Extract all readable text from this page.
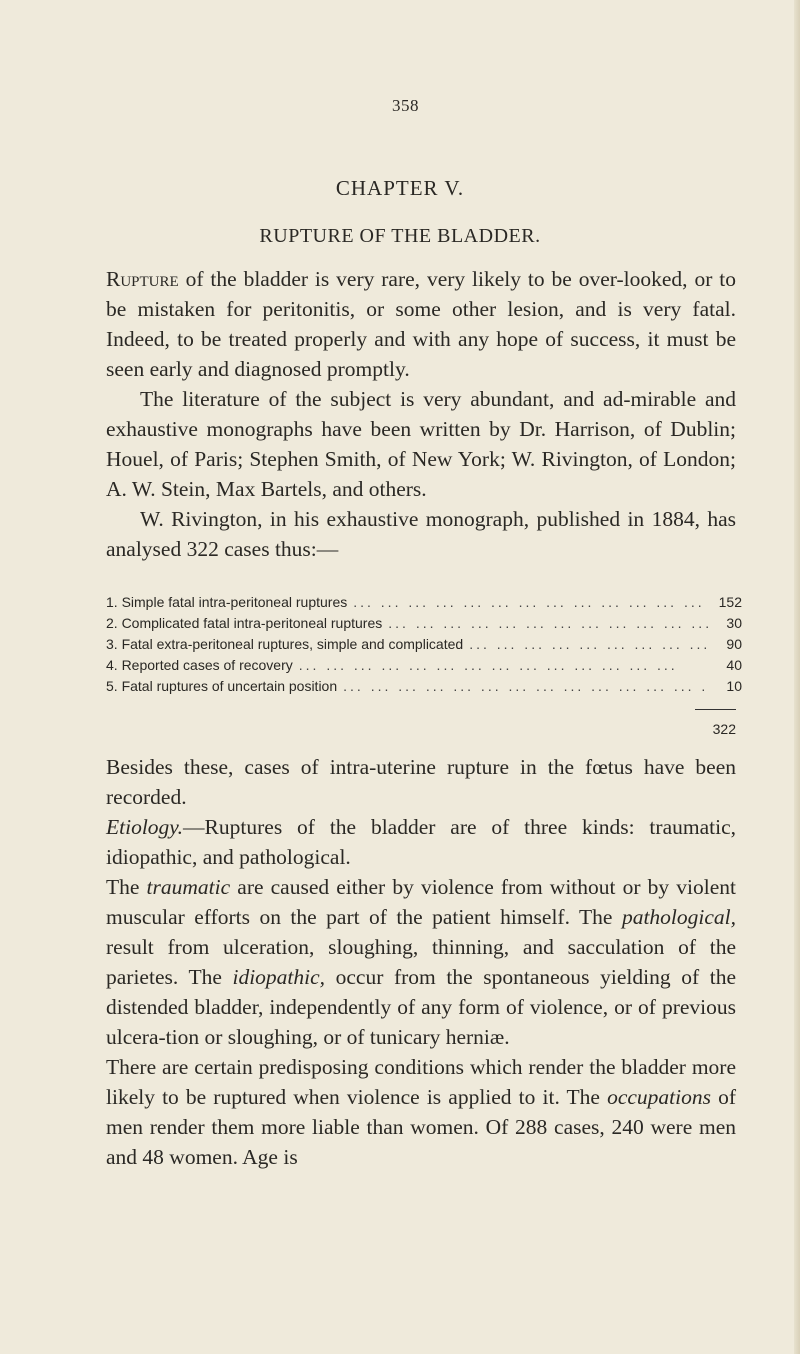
358
CHAPTER V.
RUPTURE OF THE BLADDER.
Rupture of the bladder is very rare, very likely to be over-looked, or to be mistaken for peritonitis, or some other lesion, and is very fatal. Indeed, to be treated properly and with any hope of success, it must be seen early and diagnosed promptly.
The literature of the subject is very abundant, and ad-mirable and exhaustive monographs have been written by Dr. Harrison, of Dublin; Houel, of Paris; Stephen Smith, of New York; W. Rivington, of London; A. W. Stein, Max Bartels, and others.
W. Rivington, in his exhaustive monograph, published in 1884, has analysed 322 cases thus:—
1. Simple fatal intra-peritoneal ruptures ... .	152
2. Complicated fatal intra-peritoneal ruptures ... .	30
3. Fatal extra-peritoneal ruptures, simple and complicated ... .	90
4. Reported cases of recovery ... .	40
5. Fatal ruptures of uncertain position ... .	10
322
Besides these, cases of intra-uterine rupture in the fœtus have been recorded.
Etiology.—Ruptures of the bladder are of three kinds: traumatic, idiopathic, and pathological.
The traumatic are caused either by violence from without or by violent muscular efforts on the part of the patient himself. The pathological, result from ulceration, sloughing, thinning, and sacculation of the parietes. The idiopathic, occur from the spontaneous yielding of the distended bladder, independently of any form of violence, or of previous ulcera-tion or sloughing, or of tunicary herniæ.
There are certain predisposing conditions which render the bladder more likely to be ruptured when violence is applied to it. The occupations of men render them more liable than women. Of 288 cases, 240 were men and 48 women. Age is
